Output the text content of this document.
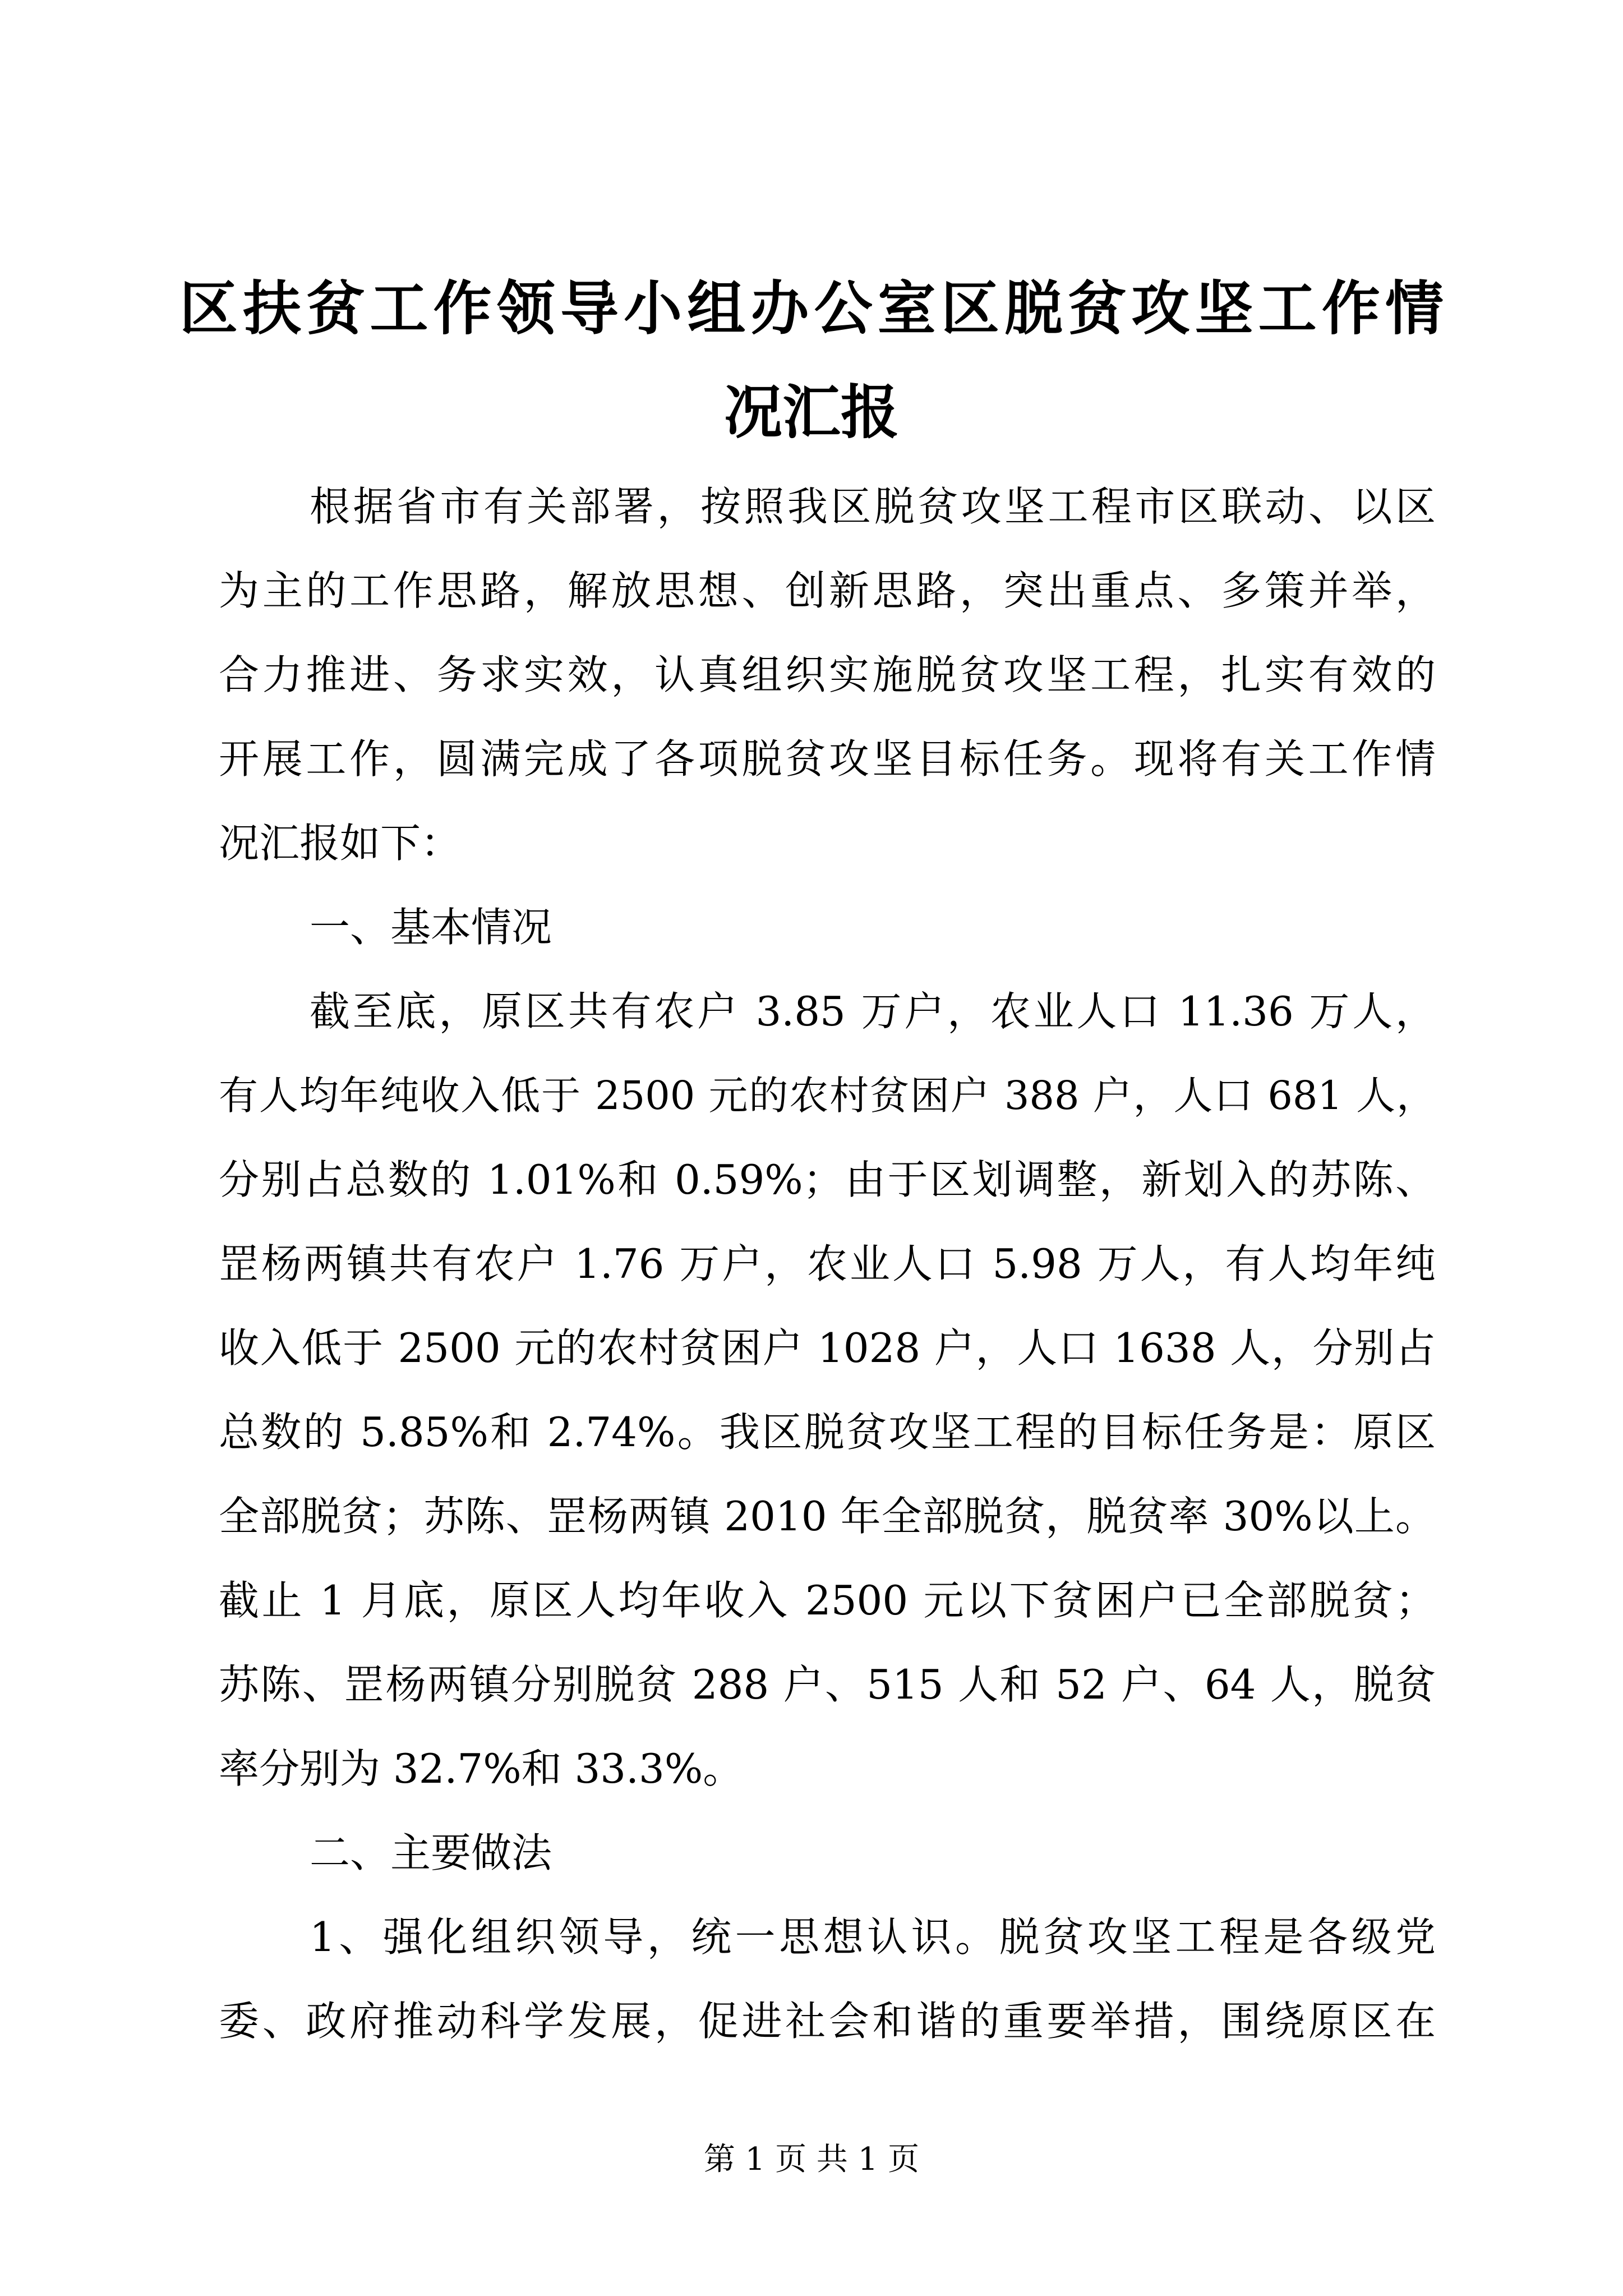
区扶贫工作领导小组办公室区脱贫攻坚工作情
况汇报
根据省市有关部署，按照我区脱贫攻坚工程市区联动、以区
为主的工作思路，解放思想、创新思路，突出重点、多策并举，
合力推进、务求实效，认真组织实施脱贫攻坚工程，扎实有效的
开展工作，圆满完成了各项脱贫攻坚目标任务。现将有关工作情
况汇报如下：
一、基本情况
截至底，原区共有农户 3.85 万户，农业人口 11.36 万人，
有人均年纯收入低于 2500 元的农村贫困户 388 户，人口 681 人，
分别占总数的 1.01%和 0.59%；由于区划调整，新划入的苏陈、
罡杨两镇共有农户 1.76 万户，农业人口 5.98 万人，有人均年纯
收入低于 2500 元的农村贫困户 1028 户，人口 1638 人，分别占
总数的 5.85%和 2.74%。我区脱贫攻坚工程的目标任务是：原区
全部脱贫；苏陈、罡杨两镇 2010 年全部脱贫，脱贫率 30%以上。
截止 1 月底，原区人均年收入 2500 元以下贫困户已全部脱贫；
苏陈、罡杨两镇分别脱贫 288 户、515 人和 52 户、64 人，脱贫
率分别为 32.7%和 33.3%。
二、主要做法
1、强化组织领导，统一思想认识。脱贫攻坚工程是各级党
委、政府推动科学发展，促进社会和谐的重要举措，围绕原区在
第 1 页 共 1 页
